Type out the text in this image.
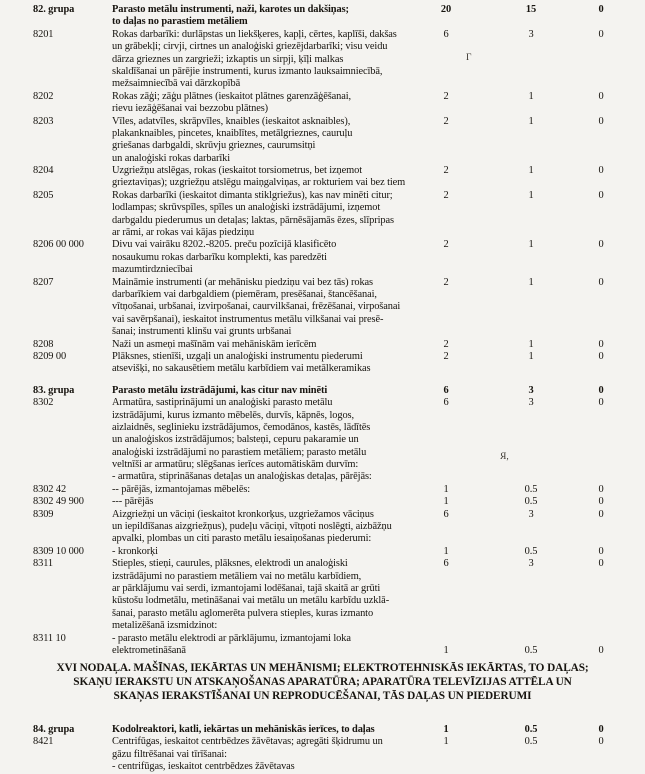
82. grupa	Parasto metālu instrumenti, naži, karotes un dakšiņas;
to daļas no parastiem metāliem
20	15	0
8201	Rokas darbarīki: durlāpstas un liekšķeres, kapļi, cērtes, kaplīši, dakšas
un grābekļi; cirvji, cirtnes un analoģiski griezējdarbarīki; visu veidu
dārza grieznes un zargrieži; izkaptis un sirpji, ķīļi malkas
skaldīšanai un pārējie instrumenti, kurus izmanto lauksaimniecībā,
mežsaimniecībā vai dārzkopībā
6	3	0
8202	Rokas zāģi; zāģu plātnes (ieskaitot plātnes garenzāģēšanai,
rievu iezāģēšanai vai bezzobu plātnes)
2	1	0
8203	Vīles, adatvīles, skrāpvīles, knaibles (ieskaitot asknaibles),
plakanknaibles, pincetes, knaiblītes, metālgrieznes, cauruļu
griešanas darbgaldi, skrūvju grieznes, caurumsitņi
un analoģiski rokas darbarīki
2	1	0
8204	Uzgriežņu atslēgas, rokas (ieskaitot torsiometrus, bet izņemot
grieztaviņas); uzgriežņu atslēgu maiņgalviņas, ar rokturiem vai bez tiem
2	1	0
8205	Rokas darbarīki (ieskaitot dimanta stiklgriežus), kas nav minēti citur;
lodlampas; skrūvspīles, spīles un analoģiski izstrādājumi, izņemot
darbgaldu piederumus un detaļas; laktas, pārnēsājamās ēzes, slīpripas
ar rāmi, ar rokas vai kājas piedziņu
2	1	0
8206 00 000	Divu vai vairāku 8202.-8205. preču pozīcijā klasificēto
nosaukumu rokas darbarīku komplekti, kas paredzēti
mazumtirdzniecībai
2	1	0
8207	Maināmie instrumenti (ar mehānisku piedziņu vai bez tās) rokas
darbarīkiem vai darbgaldiem (piemēram, presēšanai, štancēšanai,
vītņošanai, urbšanai, izvirpošanai, caurvilkšanai, frēzēšanai, virpošanai
vai savērpšanai), ieskaitot instrumentus metālu vilkšanai vai presē-
šanai; instrumenti klinšu vai grunts urbšanai
2	1	0
8208	Naži un asmeņi mašīnām vai mehāniskām ierīcēm	2	1	0
8209 00	Plāksnes, stienīši, uzgaļi un analoģiski instrumentu piederumi
atsevišķi, no sakausētiem metālu karbīdiem vai metālkeramikas
2	1	0
83. grupa	Parasto metālu izstrādājumi, kas citur nav minēti	6	3	0
8302	Armatūra, sastiprinājumi un analoģiski parasto metālu
izstrādājumi, kurus izmanto mēbelēs, durvīs, kāpnēs, logos,
aizlaidnēs, seglinieku izstrādājumos, čemodānos, kastēs, lādītēs
un analoģiskos izstrādājumos; balsteņi, cepuru pakaramie un
analoģiski izstrādājumi no parastiem metāliem; parasto metālu
veltnīši ar armatūru; slēgšanas ierīces automātiskām durvīm:
- armatūra, stiprināšanas detaļas un analoģiskas detaļas, pārējās:
6	3	0
8302 42	-- pārējās, izmantojamas mēbelēs:	1	0.5	0
8302 49 900	--- pārējās	1	0.5	0
8309	Aizgriežņi un vāciņi (ieskaitot kronkorķus, uzgriežamos vāciņus
un iepildīšanas aizgriežņus), pudeļu vāciņi, vītņoti noslēgti, aizbāžņu
apvalki, plombas un citi parasto metālu iesaiņošanas piederumi:
6	3	0
8309 10 000	- kronkorķi	1	0.5	0
8311	Stieples, stieņi, caurules, plāksnes, elektrodi un analoģiski
izstrādājumi no parastiem metāliem vai no metālu karbīdiem,
ar pārklājumu vai serdi, izmantojami lodēšanai, tajā skaitā ar grūti
kūstošu lodmetālu, metināšanai vai metālu un metālu karbīdu uzklā-
šanai, parasto metālu aglomerēta pulvera stieples, kuras izmanto
metalizēšanā izsmidzinot:
6	3	0
8311 10	- parasto metālu elektrodi ar pārklājumu, izmantojami loka
elektrometināšanā	1	0.5	0
XVI NODAĻA. MAŠĪNAS, IEKĀRTAS UN MEHĀNISMI; ELEKTROTEHNISKĀS IEKĀRTAS, TO DAĻAS;
SKAŅU IERAKSTU UN ATSKAŅOŠANAS APARATŪRA; APARATŪRA TELEVĪZIJAS ATTĒLA UN
SKAŅAS IERAKSTĪŠANAI UN REPRODUCĒŠANAI, TĀS DAĻAS UN PIEDERUMI
84. grupa	Kodolreaktori, katli, iekārtas un mehāniskās ierīces, to daļas	1	0.5	0
8421	Centrifūgas, ieskaitot centrbēdzes žāvētavas; agregāti šķidrumu un
gāzu filtrēšanai vai tīrīšanai:
- centrifūgas, ieskaitot centrbēdzes žāvētavas
1	0.5	0
Я,
Γ
